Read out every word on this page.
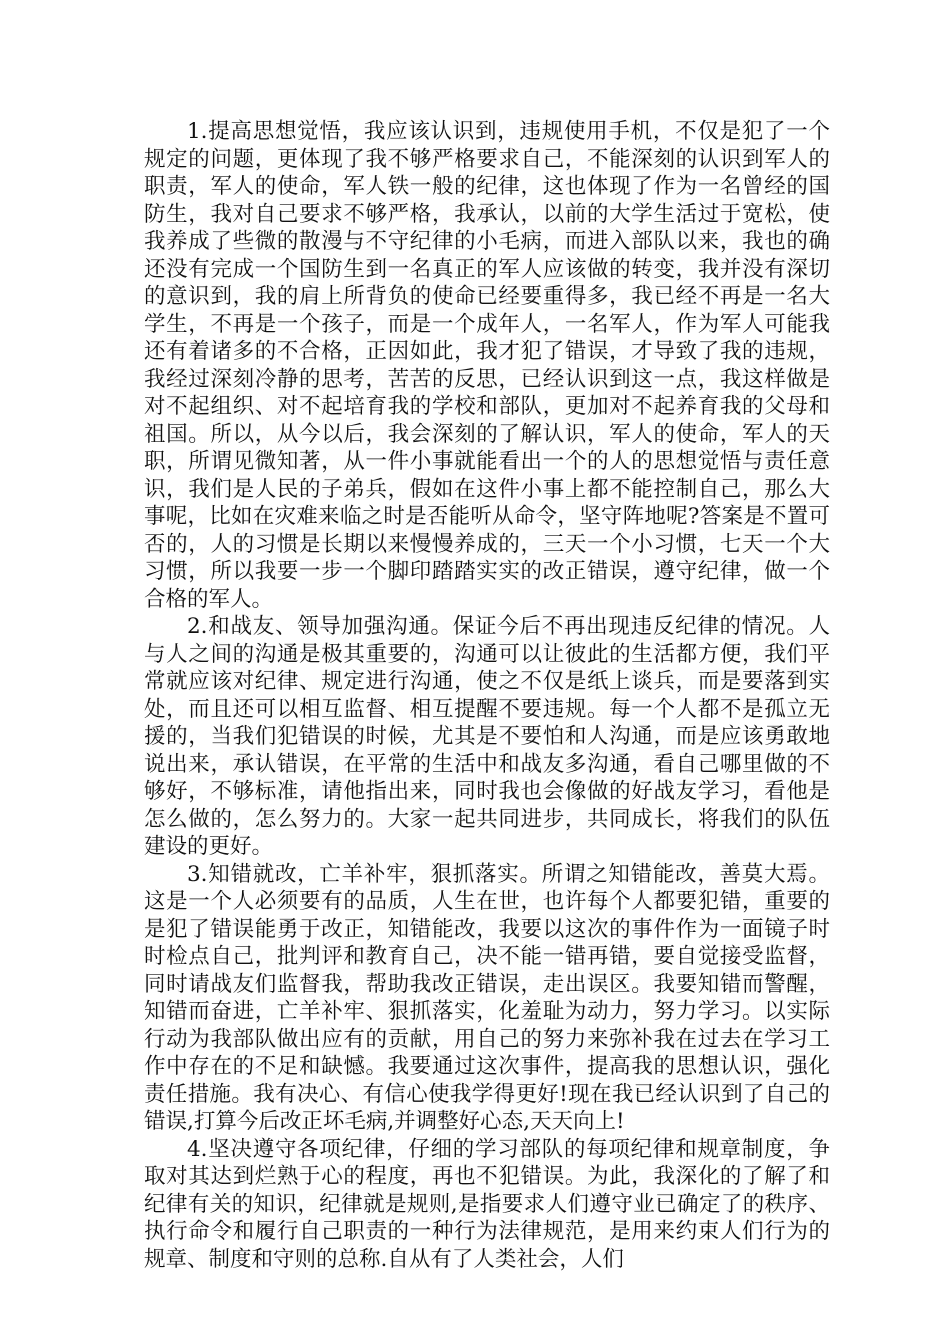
1.提高思想觉悟，我应该认识到，违规使用手机，不仅是犯了一个规定的问题，更体现了我不够严格要求自己，不能深刻的认识到军人的职责，军人的使命，军人铁一般的纪律，这也体现了作为一名曾经的国防生，我对自己要求不够严格，我承认，以前的大学生活过于宽松，使我养成了些微的散漫与不守纪律的小毛病，而进入部队以来，我也的确还没有完成一个国防生到一名真正的军人应该做的转变，我并没有深切的意识到，我的肩上所背负的使命已经要重得多，我已经不再是一名大学生，不再是一个孩子，而是一个成年人，一名军人，作为军人可能我还有着诸多的不合格，正因如此，我才犯了错误，才导致了我的违规，我经过深刻冷静的思考，苦苦的反思，已经认识到这一点，我这样做是对不起组织、对不起培育我的学校和部队，更加对不起养育我的父母和祖国。所以，从今以后，我会深刻的了解认识，军人的使命，军人的天职，所谓见微知著，从一件小事就能看出一个的人的思想觉悟与责任意识，我们是人民的子弟兵，假如在这件小事上都不能控制自己，那么大事呢，比如在灾难来临之时是否能听从命令，坚守阵地呢?答案是不置可否的，人的习惯是长期以来慢慢养成的，三天一个小习惯，七天一个大习惯，所以我要一步一个脚印踏踏实实的改正错误，遵守纪律，做一个合格的军人。

2.和战友、领导加强沟通。保证今后不再出现违反纪律的情况。人与人之间的沟通是极其重要的，沟通可以让彼此的生活都方便，我们平常就应该对纪律、规定进行沟通，使之不仅是纸上谈兵，而是要落到实处，而且还可以相互监督、相互提醒不要违规。每一个人都不是孤立无援的，当我们犯错误的时候，尤其是不要怕和人沟通，而是应该勇敢地说出来，承认错误，在平常的生活中和战友多沟通，看自己哪里做的不够好，不够标准，请他指出来，同时我也会像做的好战友学习，看他是怎么做的，怎么努力的。大家一起共同进步，共同成长，将我们的队伍建设的更好。

3.知错就改，亡羊补牢，狠抓落实。所谓之知错能改，善莫大焉。这是一个人必须要有的品质，人生在世，也许每个人都要犯错，重要的是犯了错误能勇于改正，知错能改，我要以这次的事件作为一面镜子时时检点自己，批判评和教育自己，决不能一错再错，要自觉接受监督，同时请战友们监督我，帮助我改正错误，走出误区。我要知错而警醒，知错而奋进，亡羊补牢、狠抓落实，化羞耻为动力，努力学习。以实际行动为我部队做出应有的贡献，用自己的努力来弥补我在过去在学习工作中存在的不足和缺憾。我要通过这次事件，提高我的思想认识，强化责任措施。我有决心、有信心使我学得更好!现在我已经认识到了自己的错误,打算今后改正坏毛病,并调整好心态,天天向上!

4.坚决遵守各项纪律，仔细的学习部队的每项纪律和规章制度，争取对其达到烂熟于心的程度，再也不犯错误。为此，我深化的了解了和纪律有关的知识，纪律就是规则,是指要求人们遵守业已确定了的秩序、执行命令和履行自己职责的一种行为法律规范，是用来约束人们行为的规章、制度和守则的总称.自从有了人类社会，人们
